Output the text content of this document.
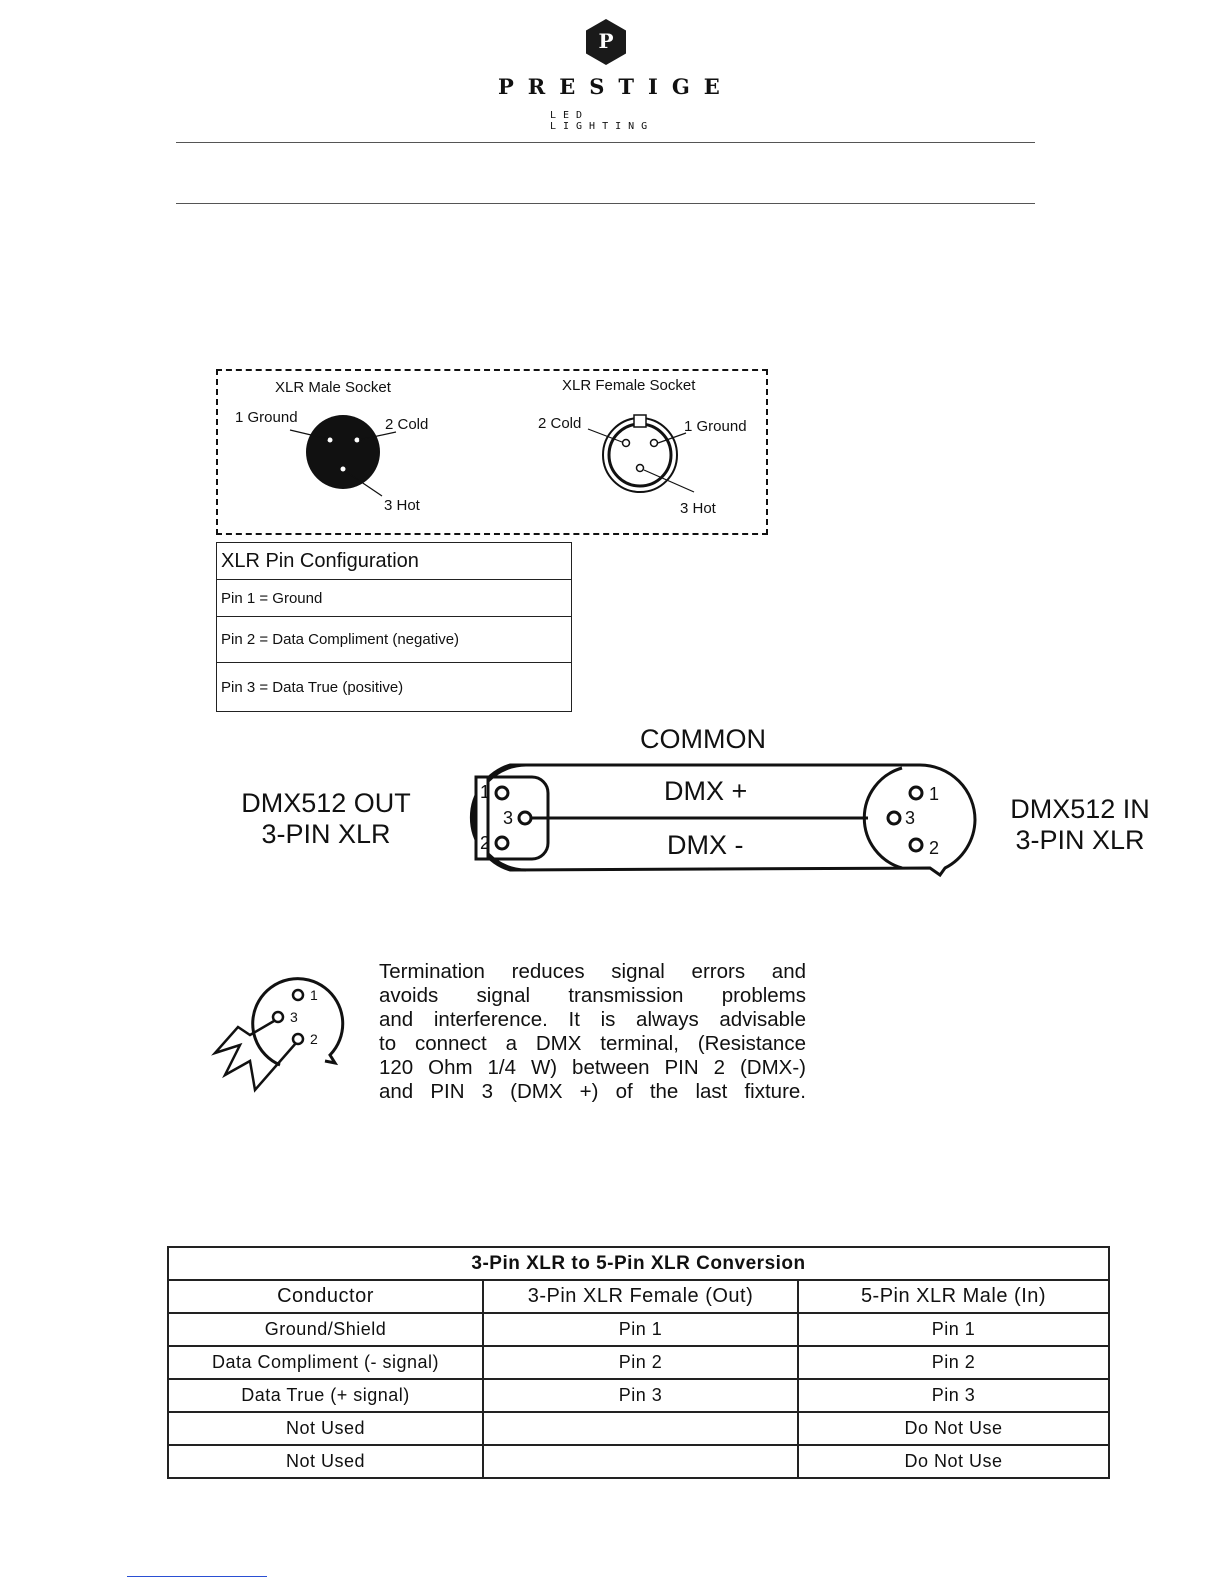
P
PRESTIGE
LED LIGHTING
XLR Male Socket	XLR Female Socket
1 Ground	2 Cold
3 Hot
2 Cold	1 Ground
3 Hot
XLR Pin Configuration
Pin 1 = Ground
Pin 2 = Data Compliment (negative)
Pin 3 = Data True (positive)
COMMON
DMX512 OUT
3-PIN XLR
DMX512 IN
3-PIN XLR
1
3
2
1
3
2
DMX +
DMX -
1
3
2
Termination reduces signal errors and
avoids signal transmission problems
and interference. It is always advisable
to connect a DMX terminal, (Resistance
120 Ohm 1/4 W) between PIN 2 (DMX-)
and PIN 3 (DMX +) of the last fixture.
3-Pin XLR to 5-Pin XLR Conversion		
Conductor	3-Pin XLR Female (Out)	5-Pin XLR Male (In)
Ground/Shield	Pin 1	Pin 1
Data Compliment (- signal)	Pin 2	Pin 2
Data True (+ signal)	Pin 3	Pin 3
Not Used		Do Not Use
Not Used		Do Not Use
